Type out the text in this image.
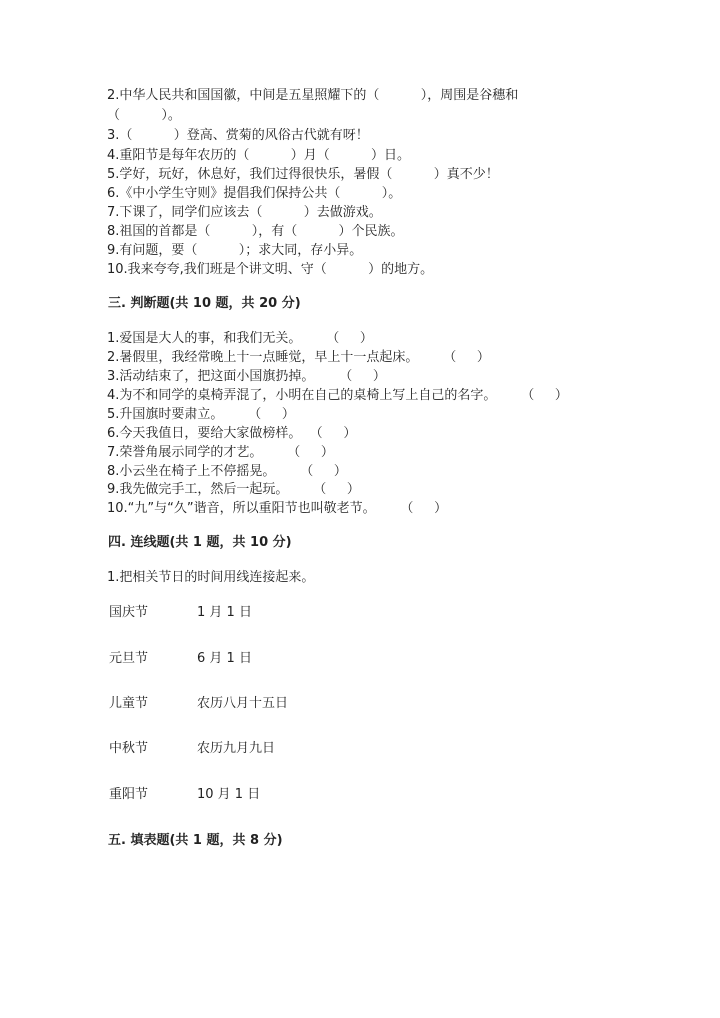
2.中华人民共和国国徽，中间是五星照耀下的（          ），周围是谷穗和
（          ）。
3.（          ）登高、赏菊的风俗古代就有呀！
4.重阳节是每年农历的（          ）月（          ）日。
5.学好，玩好，休息好，我们过得很快乐，暑假（          ）真不少！
6.《中小学生守则》提倡我们保持公共（          ）。
7.下课了，同学们应该去（          ）去做游戏。
8.祖国的首都是（          ），有（          ）个民族。
9.有问题，要（          ）；求大同，存小异。
10.我来夸夸,我们班是个讲文明、守（          ）的地方。
三. 判断题(共 10 题，共 20 分)
1.爱国是大人的事，和我们无关。      （     ）
2.暑假里，我经常晚上十一点睡觉，早上十一点起床。      （     ）
3.活动结束了，把这面小国旗扔掉。      （     ）
4.为不和同学的桌椅弄混了，小明在自己的桌椅上写上自己的名字。      （     ）
5.升国旗时要肃立。      （     ）
6.今天我值日，要给大家做榜样。  （     ）
7.荣誉角展示同学的才艺。      （     ）
8.小云坐在椅子上不停摇晃。      （     ）
9.我先做完手工，然后一起玩。      （     ）
10.“九”与“久”谐音，所以重阳节也叫敬老节。      （     ）
四. 连线题(共 1 题，共 10 分)
1.把相关节日的时间用线连接起来。
国庆节	1 月 1 日
元旦节	6 月 1 日
儿童节	农历八月十五日
中秋节	农历九月九日
重阳节	10 月 1 日
五. 填表题(共 1 题，共 8 分)
